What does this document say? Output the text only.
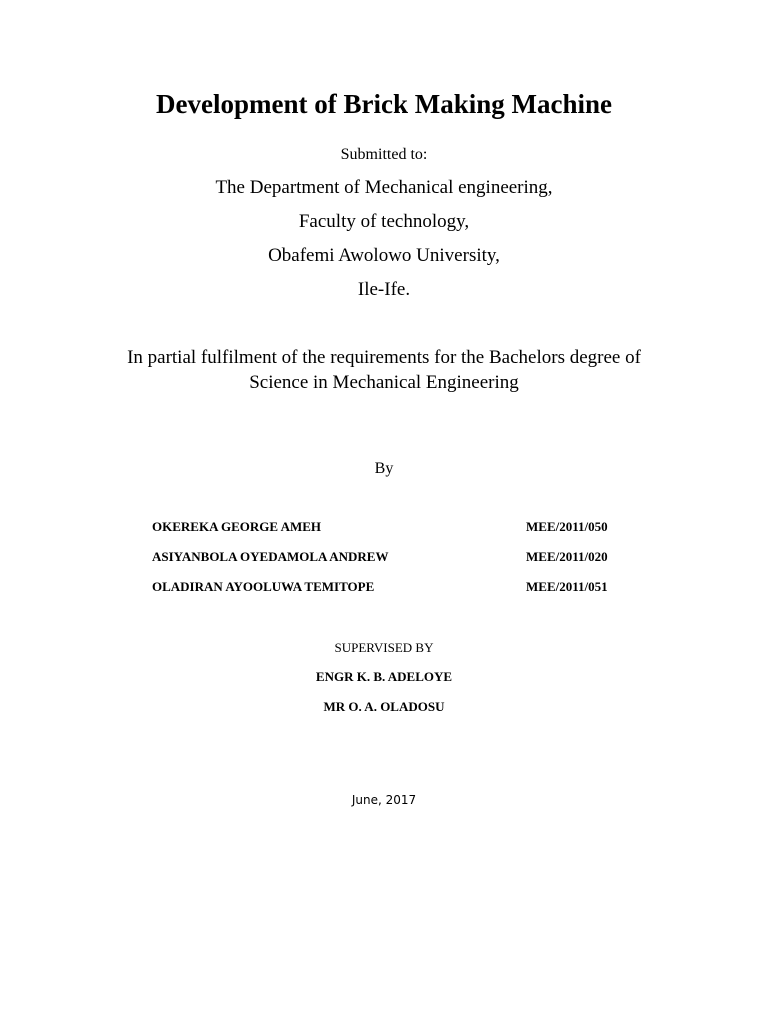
Development of Brick Making Machine
Submitted to:
The Department of Mechanical engineering,
Faculty of technology,
Obafemi Awolowo University,
Ile-Ife.
In partial fulfilment of the requirements for the Bachelors degree of
Science in Mechanical Engineering
By
OKEREKA GEORGE AMEH	MEE/2011/050
ASIYANBOLA OYEDAMOLA ANDREW	MEE/2011/020
OLADIRAN AYOOLUWA TEMITOPE	MEE/2011/051
SUPERVISED BY
ENGR K. B. ADELOYE
MR O. A. OLADOSU
June, 2017
